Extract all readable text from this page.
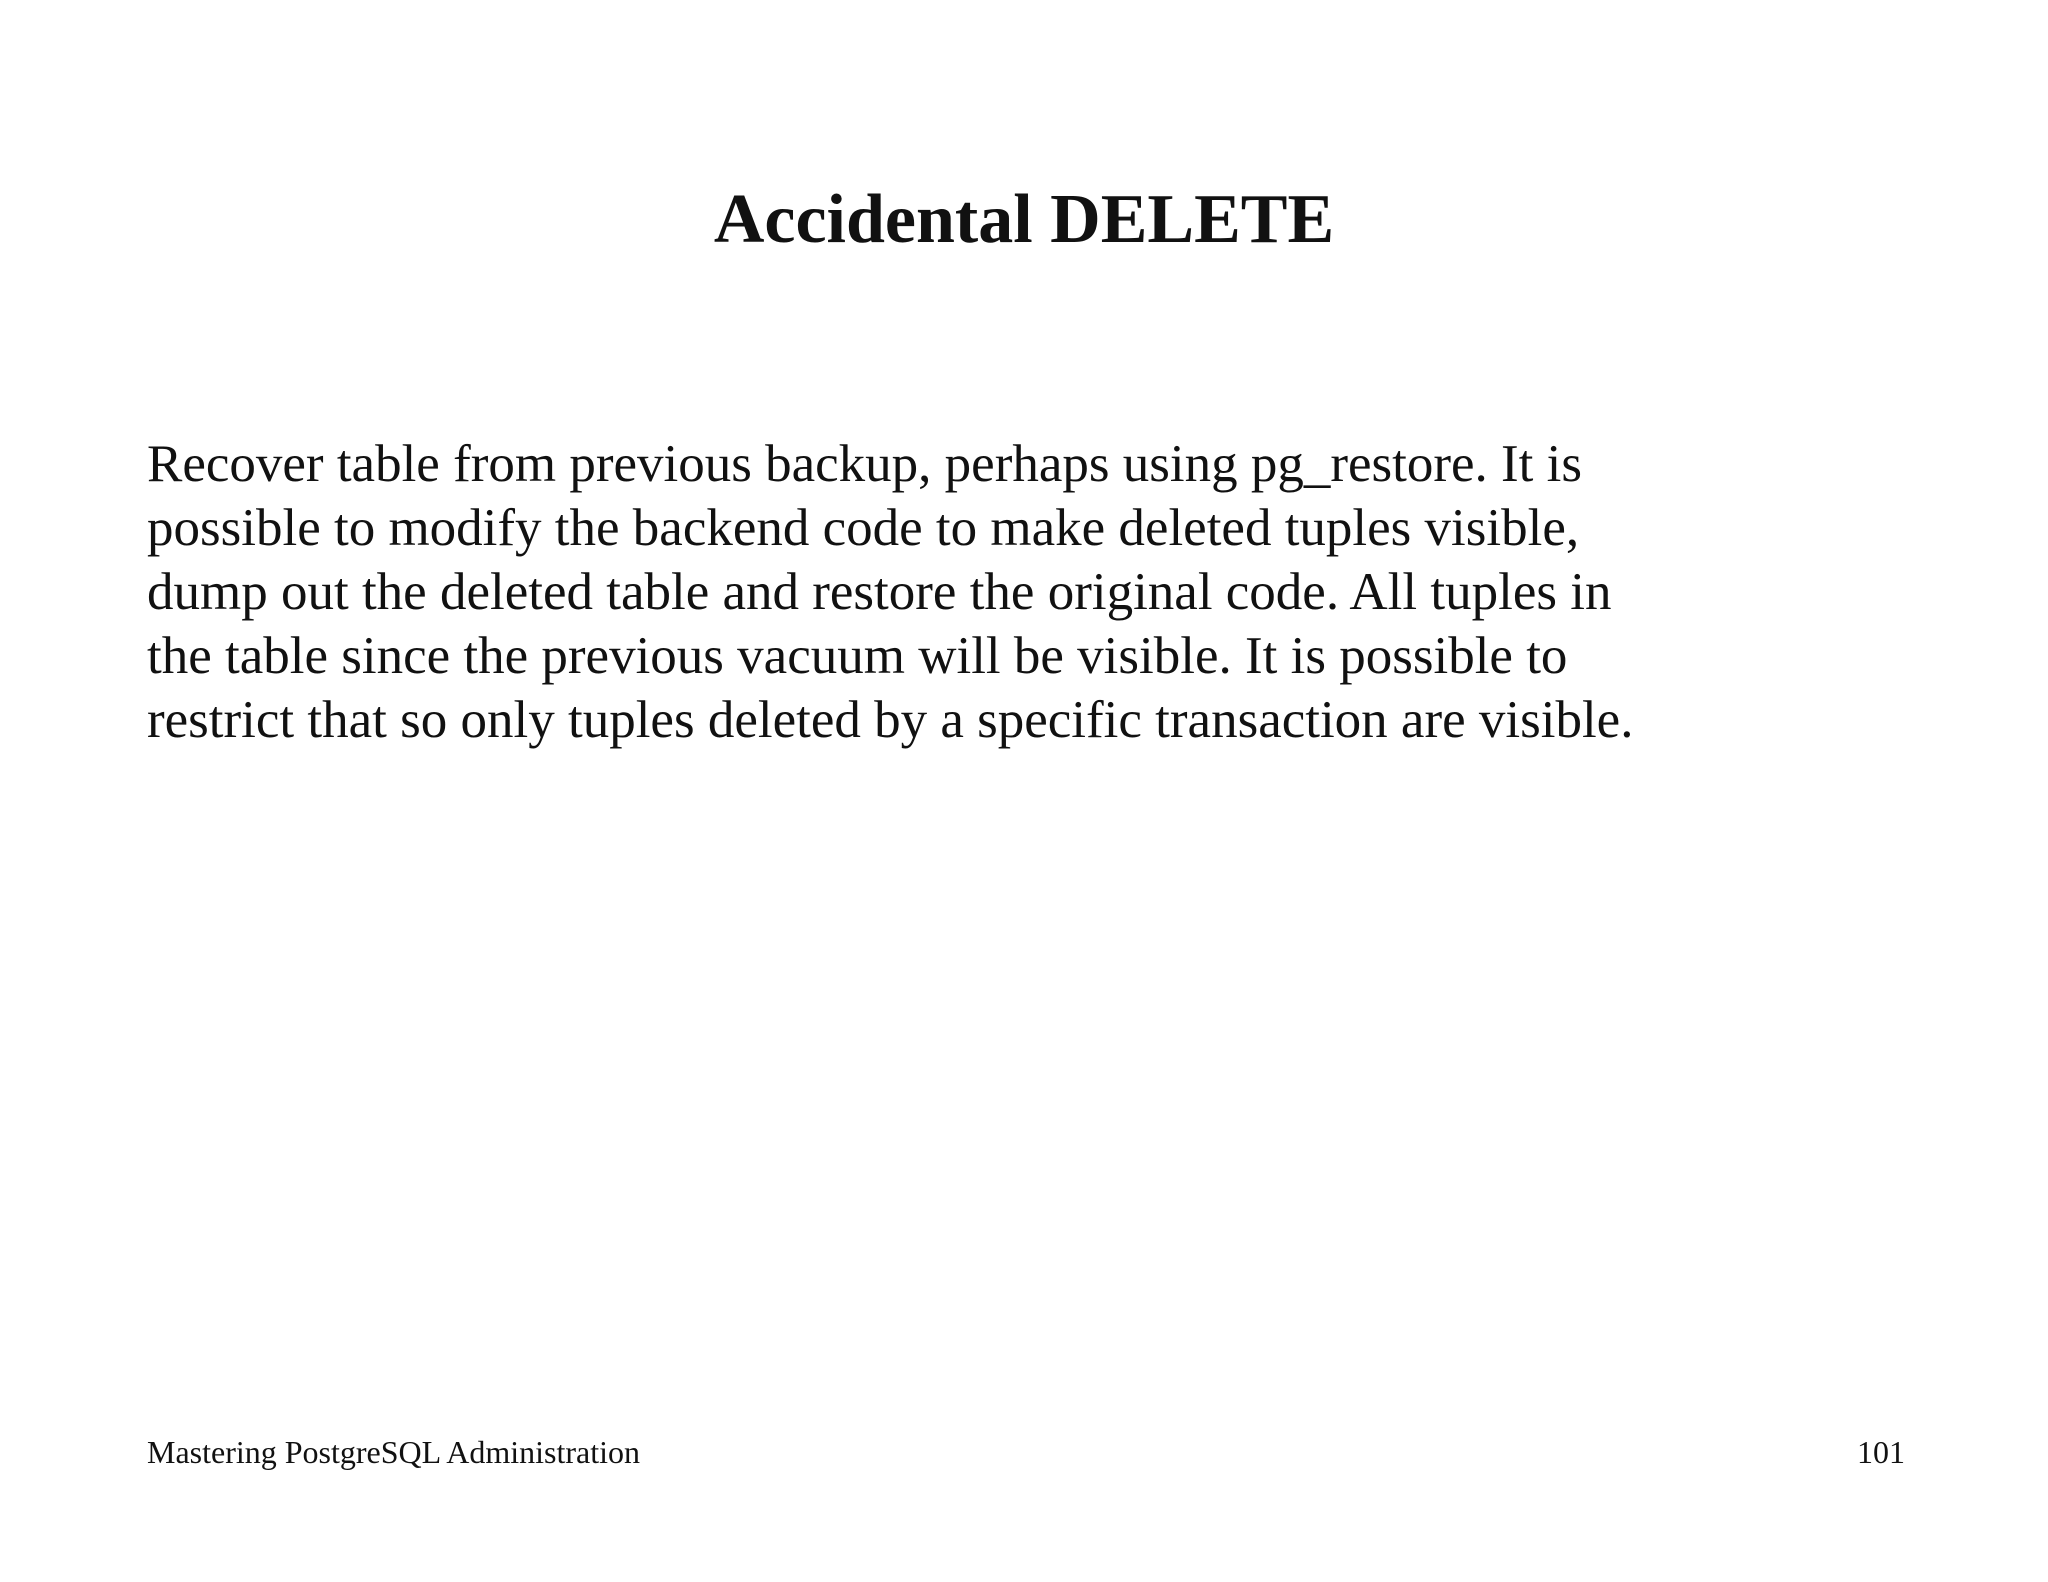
Accidental DELETE
Recover table from previous backup, perhaps using pg_restore. It is
possible to modify the backend code to make deleted tuples visible,
dump out the deleted table and restore the original code. All tuples in
the table since the previous vacuum will be visible. It is possible to
restrict that so only tuples deleted by a specific transaction are visible.
Mastering PostgreSQL Administration	101
